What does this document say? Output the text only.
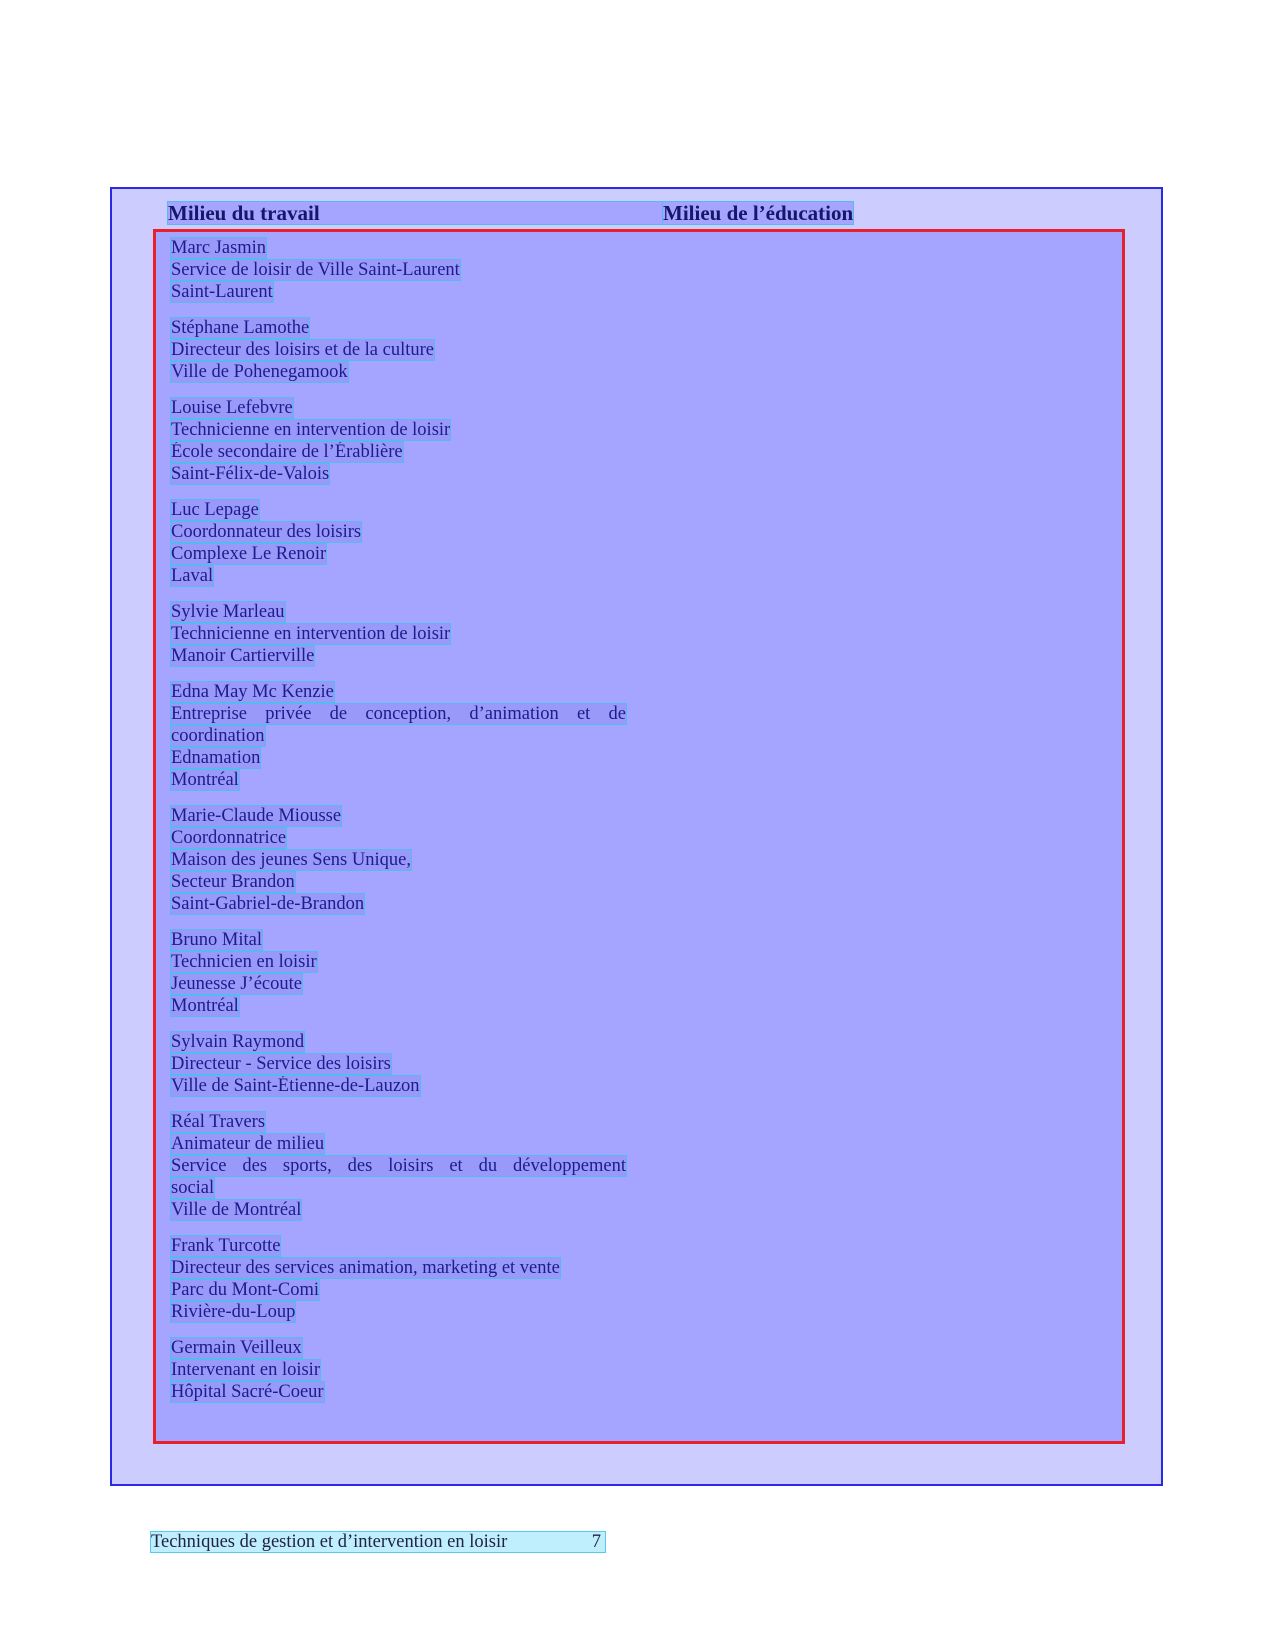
Milieu du travail	Milieu de l’éducation
Marc Jasmin
Service de loisir de Ville Saint-Laurent
Saint-Laurent
Stéphane Lamothe
Directeur des loisirs et de la culture
Ville de Pohenegamook
Louise Lefebvre
Technicienne en intervention de loisir
École secondaire de l’Érablière
Saint-Félix-de-Valois
Luc Lepage
Coordonnateur des loisirs
Complexe Le Renoir
Laval
Sylvie Marleau
Technicienne en intervention de loisir
Manoir Cartierville
Edna May Mc Kenzie
Entreprise privée de conception, d’animation et de
coordination
Ednamation
Montréal
Marie-Claude Miousse
Coordonnatrice
Maison des jeunes Sens Unique,
Secteur Brandon
Saint-Gabriel-de-Brandon
Bruno Mital
Technicien en loisir
Jeunesse J’écoute
Montréal
Sylvain Raymond
Directeur - Service des loisirs
Ville de Saint-Étienne-de-Lauzon
Réal Travers
Animateur de milieu
Service des sports, des loisirs et du développement
social
Ville de Montréal
Frank Turcotte
Directeur des services animation, marketing et vente
Parc du Mont-Comi
Rivière-du-Loup
Germain Veilleux
Intervenant en loisir
Hôpital Sacré-Coeur
Techniques de gestion et d’intervention en loisir	7
